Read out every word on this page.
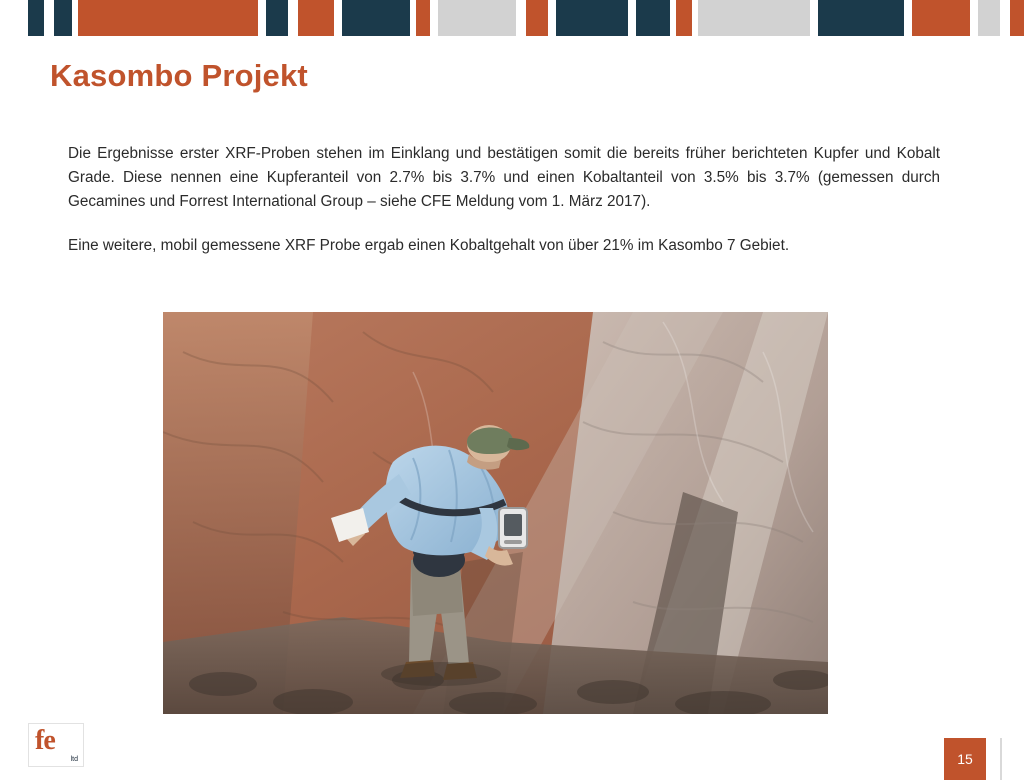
Kasombo Projekt

Die Ergebnisse erster XRF-Proben stehen im Einklang und bestätigen somit die bereits früher berichteten Kupfer und Kobalt Grade. Diese nennen eine Kupferanteil von 2.7% bis 3.7% und einen Kobaltanteil von 3.5% bis 3.7% (gemessen durch Gecamines und Forrest International Group – siehe CFE Meldung vom 1. März 2017).

Eine weitere, mobil gemessene XRF Probe ergab einen Kobaltgehalt von über 21% im Kasombo 7 Gebiet.

fe
ltd	15
